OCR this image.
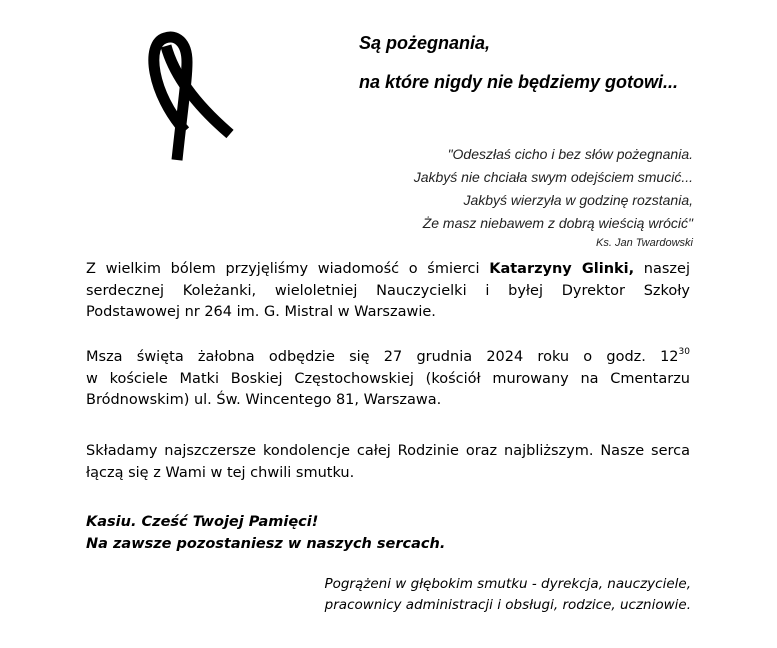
Są pożegnania,

na które nigdy nie będziemy gotowi...

"Odeszłaś cicho i bez słów pożegnania.
Jakbyś nie chciała swym odejściem smucić...
Jakbyś wierzyła w godzinę rozstania,
Że masz niebawem z dobrą wieścią wrócić"
Ks. Jan Twardowski
Z wielkim bólem przyjęliśmy wiadomość o śmierci Katarzyny Glinki, naszej
serdecznej Koleżanki, wieloletniej Nauczycielki i byłej Dyrektor Szkoły
Podstawowej nr 264 im. G. Mistral w Warszawie.
Msza święta żałobna odbędzie się 27 grudnia 2024 roku o godz. $12^{30}$
w kościele Matki Boskiej Częstochowskiej (kościół murowany na Cmentarzu
Bródnowskim) ul. Św. Wincentego 81, Warszawa.
Składamy najszczersze kondolencje całej Rodzinie oraz najbliższym. Nasze serca
łączą się z Wami w tej chwili smutku.
Kasiu. Cześć Twojej Pamięci!
Na zawsze pozostaniesz w naszych sercach.
Pogrążeni w głębokim smutku - dyrekcja, nauczyciele,
pracownicy administracji i obsługi, rodzice, uczniowie.
